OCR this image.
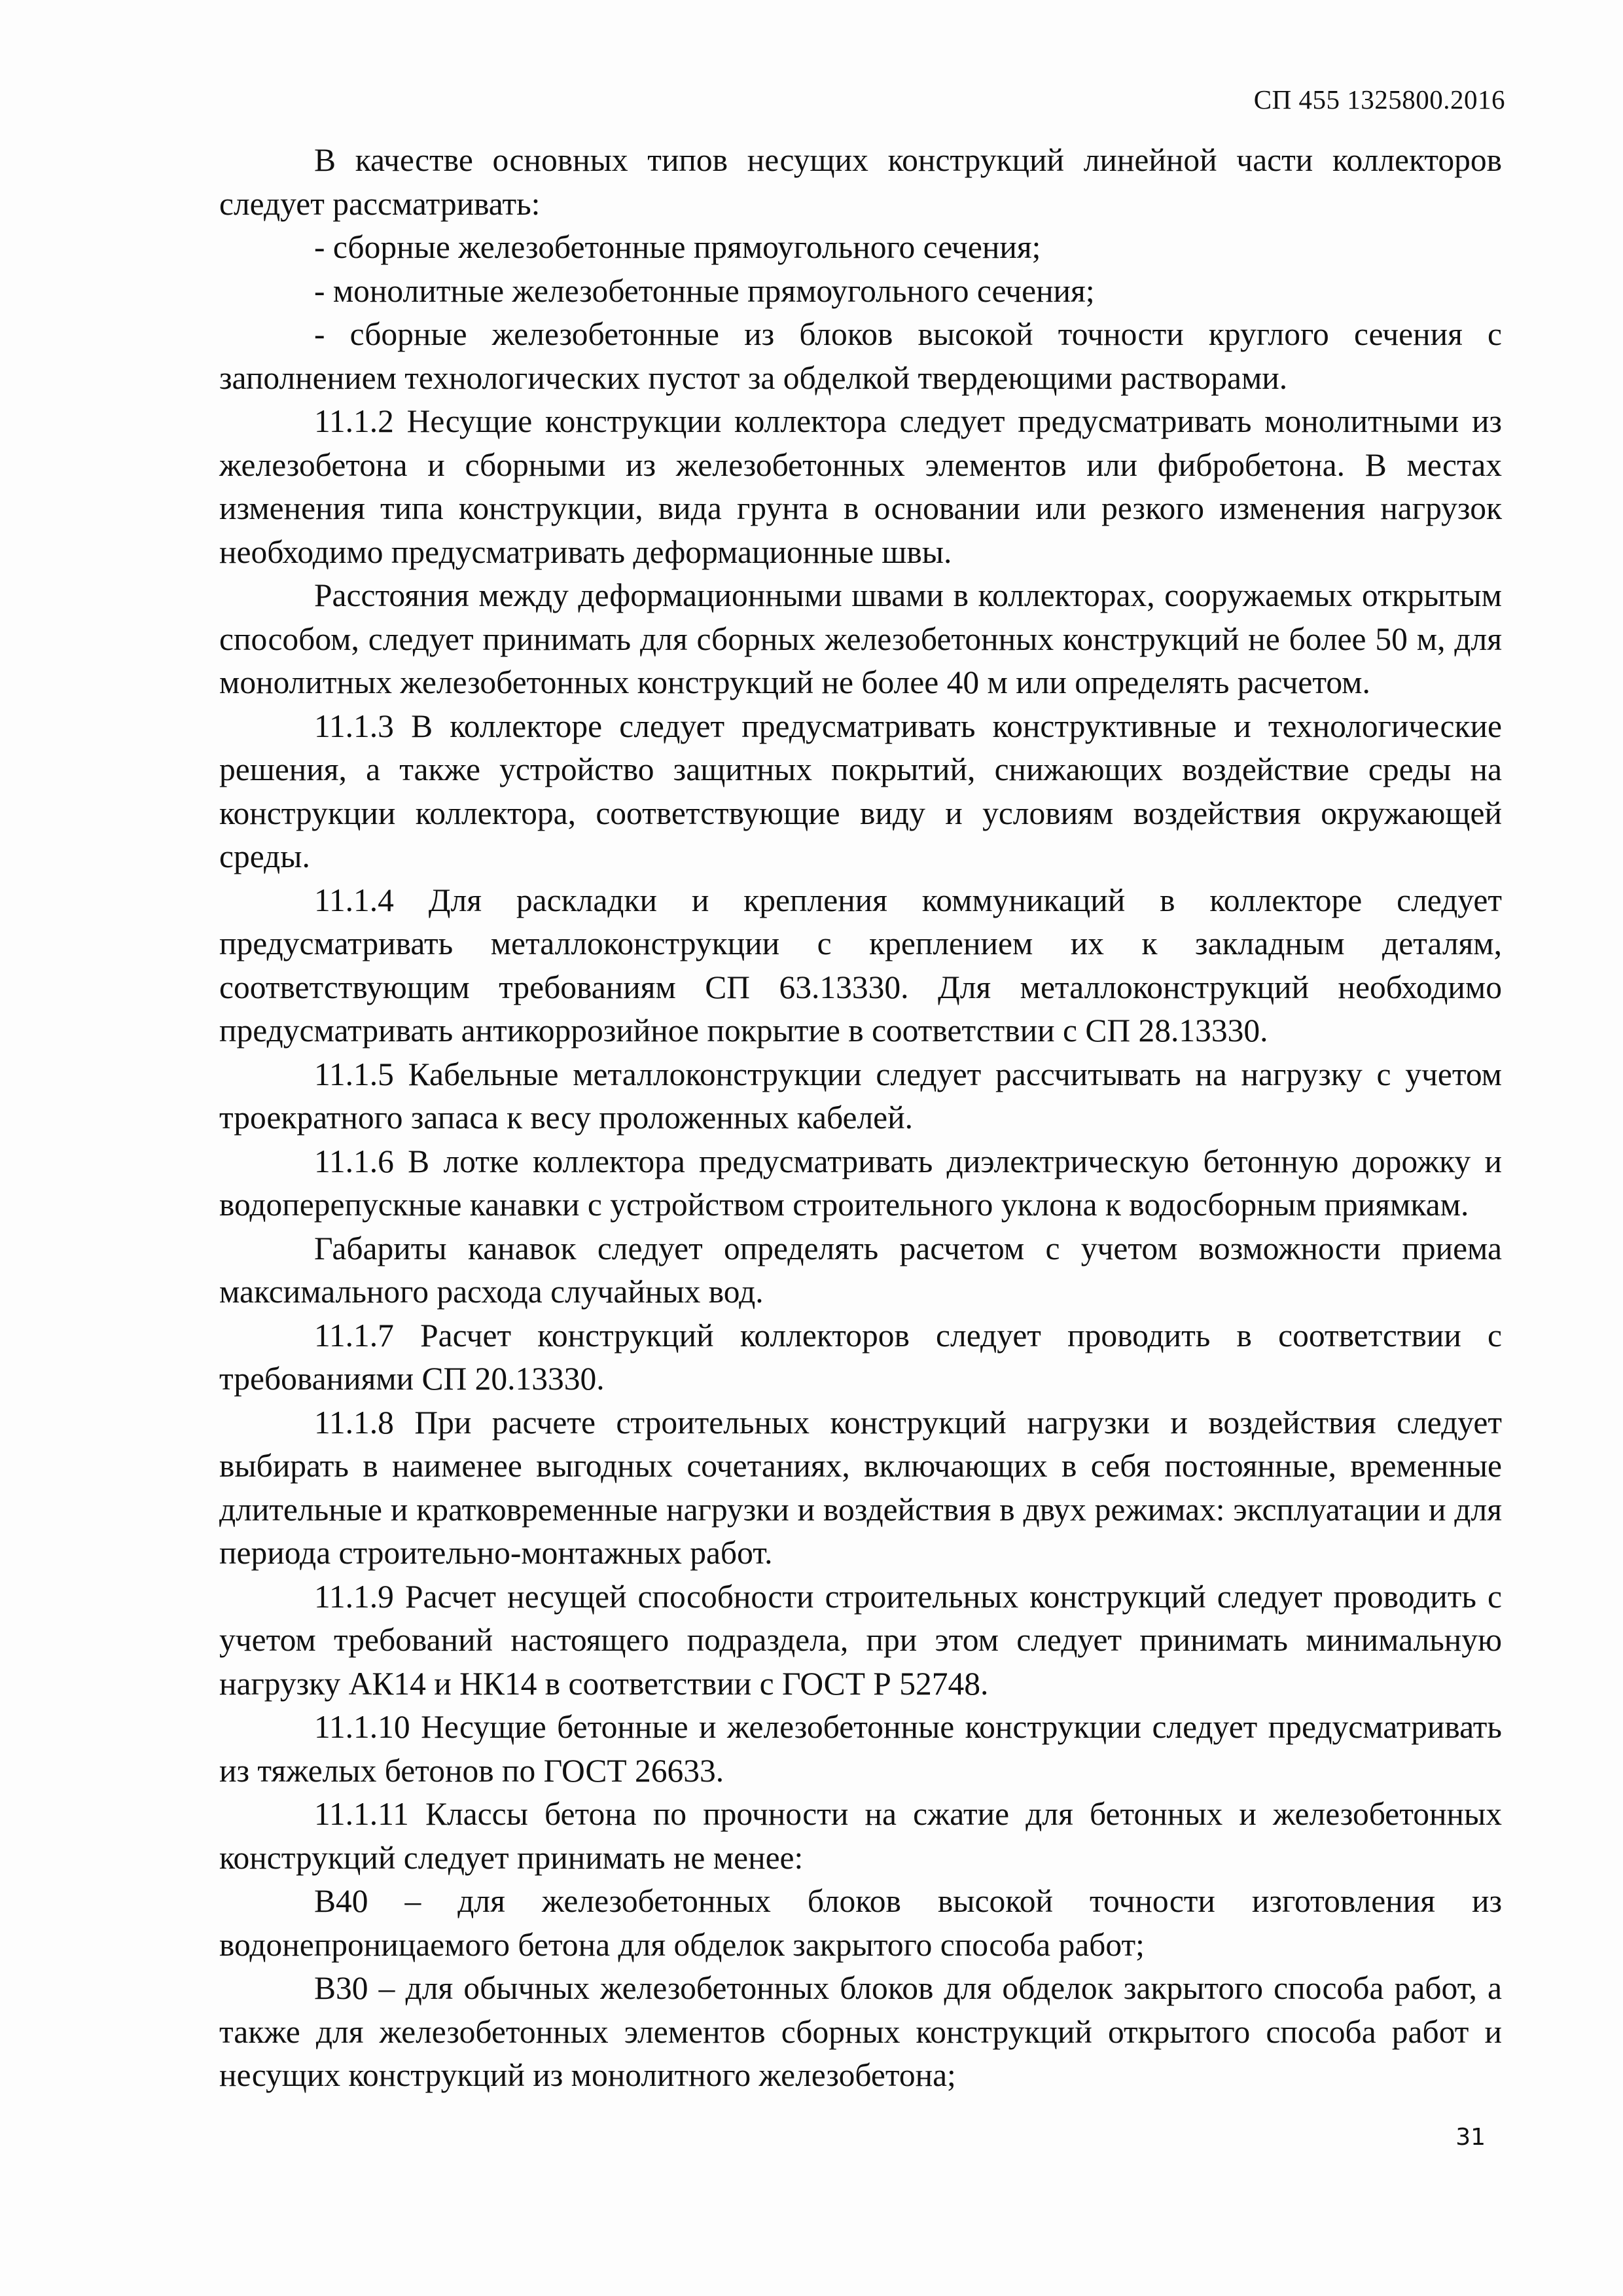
СП 455 1325800.2016

В качестве основных типов несущих конструкций линейной части коллекторов следует рассматривать:

- сборные железобетонные прямоугольного сечения;

- монолитные железобетонные прямоугольного сечения;

- сборные железобетонные из блоков высокой точности круглого сечения с заполнением технологических пустот за обделкой твердеющими растворами.

11.1.2 Несущие конструкции коллектора следует предусматривать монолитными из железобетона и сборными из железобетонных элементов или фибробетона. В местах изменения типа конструкции, вида грунта в основании или резкого изменения нагрузок необходимо предусматривать деформационные швы.

Расстояния между деформационными швами в коллекторах, сооружаемых открытым способом, следует принимать для сборных железобетонных конструкций не более 50 м, для монолитных железобетонных конструкций не более 40 м или определять расчетом.

11.1.3 В коллекторе следует предусматривать конструктивные и технологические решения, а также устройство защитных покрытий, снижающих воздействие среды на конструкции коллектора, соответствующие виду и условиям воздействия окружающей среды.

11.1.4 Для раскладки и крепления коммуникаций в коллекторе следует предусматривать металлоконструкции с креплением их к закладным деталям, соответствующим требованиям СП 63.13330. Для металлоконструкций необходимо предусматривать антикоррозийное покрытие в соответствии с СП 28.13330.

11.1.5 Кабельные металлоконструкции следует рассчитывать на нагрузку с учетом троекратного запаса к весу проложенных кабелей.

11.1.6 В лотке коллектора предусматривать диэлектрическую бетонную дорожку и водоперепускные канавки с устройством строительного уклона к водосборным приямкам.

Габариты канавок следует определять расчетом с учетом возможности приема максимального расхода случайных вод.

11.1.7 Расчет конструкций коллекторов следует проводить в соответствии с требованиями СП 20.13330.

11.1.8 При расчете строительных конструкций нагрузки и воздействия следует выбирать в наименее выгодных сочетаниях, включающих в себя постоянные, временные длительные и кратковременные нагрузки и воздействия в двух режимах: эксплуатации и для периода строительно-монтажных работ.

11.1.9 Расчет несущей способности строительных конструкций следует проводить с учетом требований настоящего подраздела, при этом следует принимать минимальную нагрузку АК14 и НК14 в соответствии с ГОСТ Р 52748.

11.1.10 Несущие бетонные и железобетонные конструкции следует предусматривать из тяжелых бетонов по ГОСТ 26633.

11.1.11 Классы бетона по прочности на сжатие для бетонных и железобетонных конструкций следует принимать не менее:

В40 – для железобетонных блоков высокой точности изготовления из водонепроницаемого бетона для обделок закрытого способа работ;

В30 – для обычных железобетонных блоков для обделок закрытого способа работ, а также для железобетонных элементов сборных конструкций открытого способа работ и несущих конструкций из монолитного железобетона;

31
